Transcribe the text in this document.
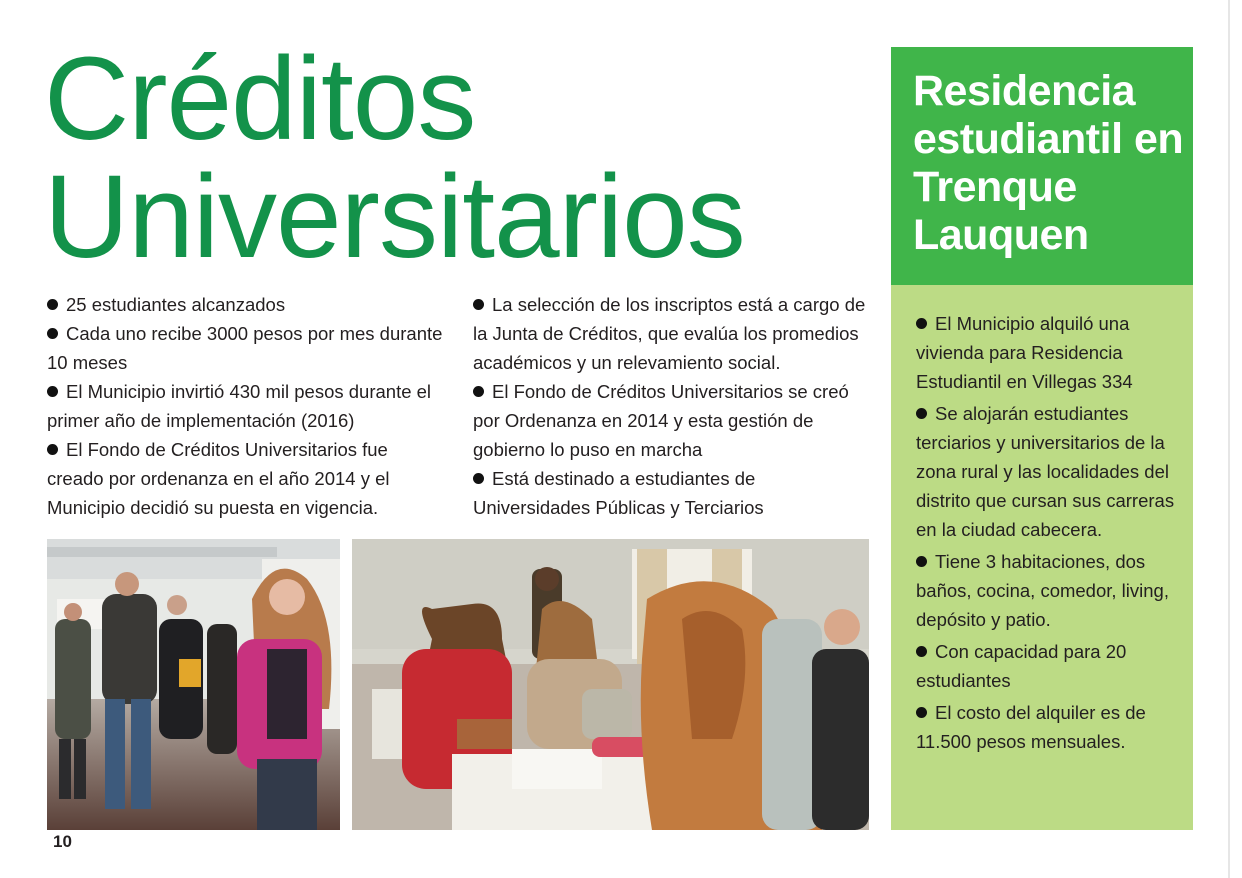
Créditos
Universitarios
25 estudiantes alcanzados
Cada uno recibe 3000 pesos por mes durante 10 meses
El Municipio invirtió 430 mil pesos durante el primer año de implementación (2016)
El Fondo de Créditos Universitarios fue creado por ordenanza en el año 2014 y el Municipio decidió su puesta en vigencia.
La selección de los inscriptos está a cargo de la Junta de Créditos, que evalúa los promedios académicos y un relevamiento social.
El Fondo de Créditos Universitarios se creó por Ordenanza en 2014 y esta gestión de gobierno lo puso en marcha
Está destinado a estudiantes de Universidades Públicas y Terciarios
10
Residencia estudiantil en Trenque Lauquen
El Municipio alquiló una vivienda para Residencia Estudiantil en Villegas 334
Se alojarán estudiantes terciarios y universitarios de la zona rural y las localidades del distrito que cursan sus carreras en la ciudad cabecera.
Tiene 3 habitaciones, dos baños, cocina, comedor, living, depósito y patio.
Con capacidad para 20 estudiantes
El costo del alquiler es de 11.500 pesos mensuales.
